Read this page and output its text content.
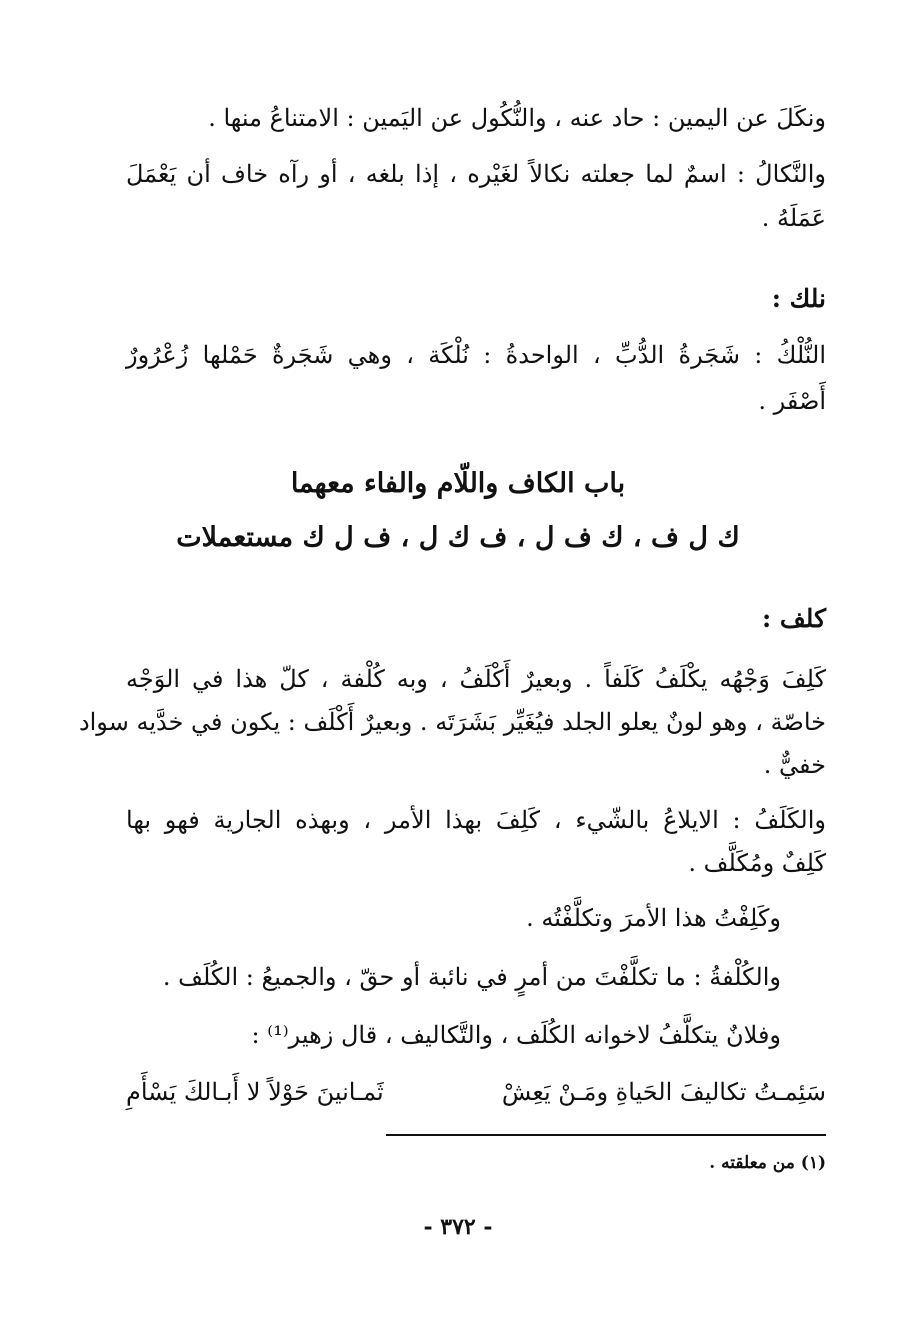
ونكَلَ عن اليمين : حاد عنه ، والنُّكُول عن اليَمين : الامتناعُ منها .
والنَّكالُ : اسمٌ لما جعلته نكالاً لغَيْره ، إذا بلغه ، أو رآه خاف أن يَعْمَلَ
عَمَلَهُ .
نلك :
النُّلْكُ : شَجَرةُ الدُّبِّ ، الواحدةُ : نُلْكَة ، وهي شَجَرةٌ حَمْلها زُعْرُورٌ
أَصْفَر .
باب الكاف واللّام والفاء معهما
ك ل ف ، ك ف ل ، ف ك ل ، ف ل ك مستعملات
كلف :
كَلِفَ وَجْهُه يكْلَفُ كَلَفاً . وبعيرٌ أَكْلَفُ ، وبه كُلْفة ، كلّ هذا في الوَجْه
خاصّة ، وهو لونٌ يعلو الجلد فيُغَيِّر بَشَرَتَه . وبعيرٌ أَكْلَف : يكون في خدَّيه سواد
خفيٌّ .
والكَلَفُ : الايلاعُ بالشّيء ، كَلِفَ بهذا الأمر ، وبهذه الجارية فهو بها
كَلِفٌ ومُكَلَّف .
وكَلِفْتُ هذا الأمرَ وتكلَّفْتُه .
والكُلْفةُ : ما تكلَّفْتَ من أمرٍ في نائبة أو حقّ ، والجميعُ : الكُلَف .
وفلانٌ يتكلَّفُ لاخوانه الكُلَف ، والتَّكاليف ، قال زهير⁽¹⁾ :
سَئِمـتُ تكاليفَ الحَياةِ ومَـنْ يَعِشْ
ثَمـانينَ حَوْلاً لا أَبـالكَ يَسْأَمِ
(١) من معلقته .
- ٣٧٢ -
